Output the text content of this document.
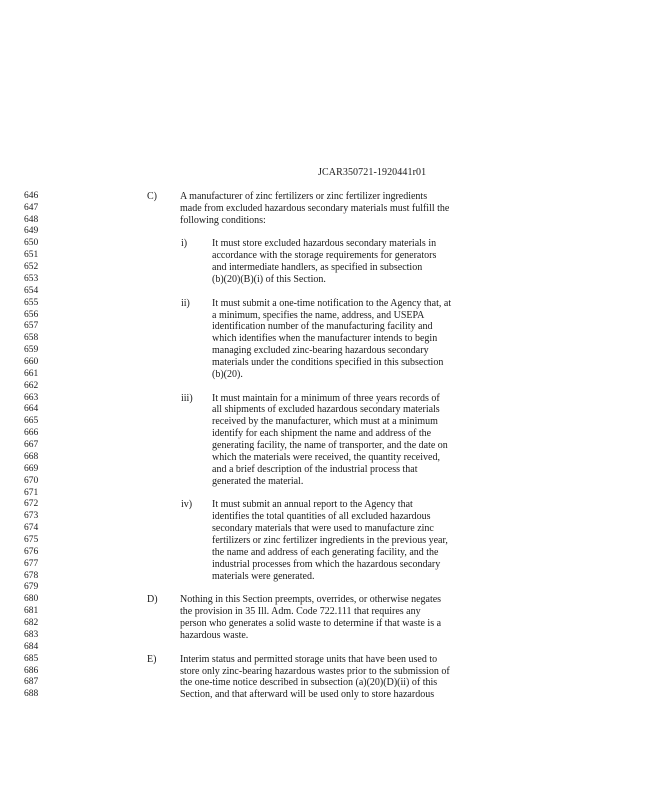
JCAR350721-1920441r01
646
647
648
649
650
651
652
653
654
655
656
657
658
659
660
661
662
663
664
665
666
667
668
669
670
671
672
673
674
675
676
677
678
679
680
681
682
683
684
685
686
687
688
C) A manufacturer of zinc fertilizers or zinc fertilizer ingredients
made from excluded hazardous secondary materials must fulfill the
following conditions:
i) It must store excluded hazardous secondary materials in
accordance with the storage requirements for generators
and intermediate handlers, as specified in subsection
(b)(20)(B)(i) of this Section.
ii) It must submit a one-time notification to the Agency that, at
a minimum, specifies the name, address, and USEPA
identification number of the manufacturing facility and
which identifies when the manufacturer intends to begin
managing excluded zinc-bearing hazardous secondary
materials under the conditions specified in this subsection
(b)(20).
iii) It must maintain for a minimum of three years records of
all shipments of excluded hazardous secondary materials
received by the manufacturer, which must at a minimum
identify for each shipment the name and address of the
generating facility, the name of transporter, and the date on
which the materials were received, the quantity received,
and a brief description of the industrial process that
generated the material.
iv) It must submit an annual report to the Agency that
identifies the total quantities of all excluded hazardous
secondary materials that were used to manufacture zinc
fertilizers or zinc fertilizer ingredients in the previous year,
the name and address of each generating facility, and the
industrial processes from which the hazardous secondary
materials were generated.
D) Nothing in this Section preempts, overrides, or otherwise negates
the provision in 35 Ill. Adm. Code 722.111 that requires any
person who generates a solid waste to determine if that waste is a
hazardous waste.
E) Interim status and permitted storage units that have been used to
store only zinc-bearing hazardous wastes prior to the submission of
the one-time notice described in subsection (a)(20)(D)(ii) of this
Section, and that afterward will be used only to store hazardous
